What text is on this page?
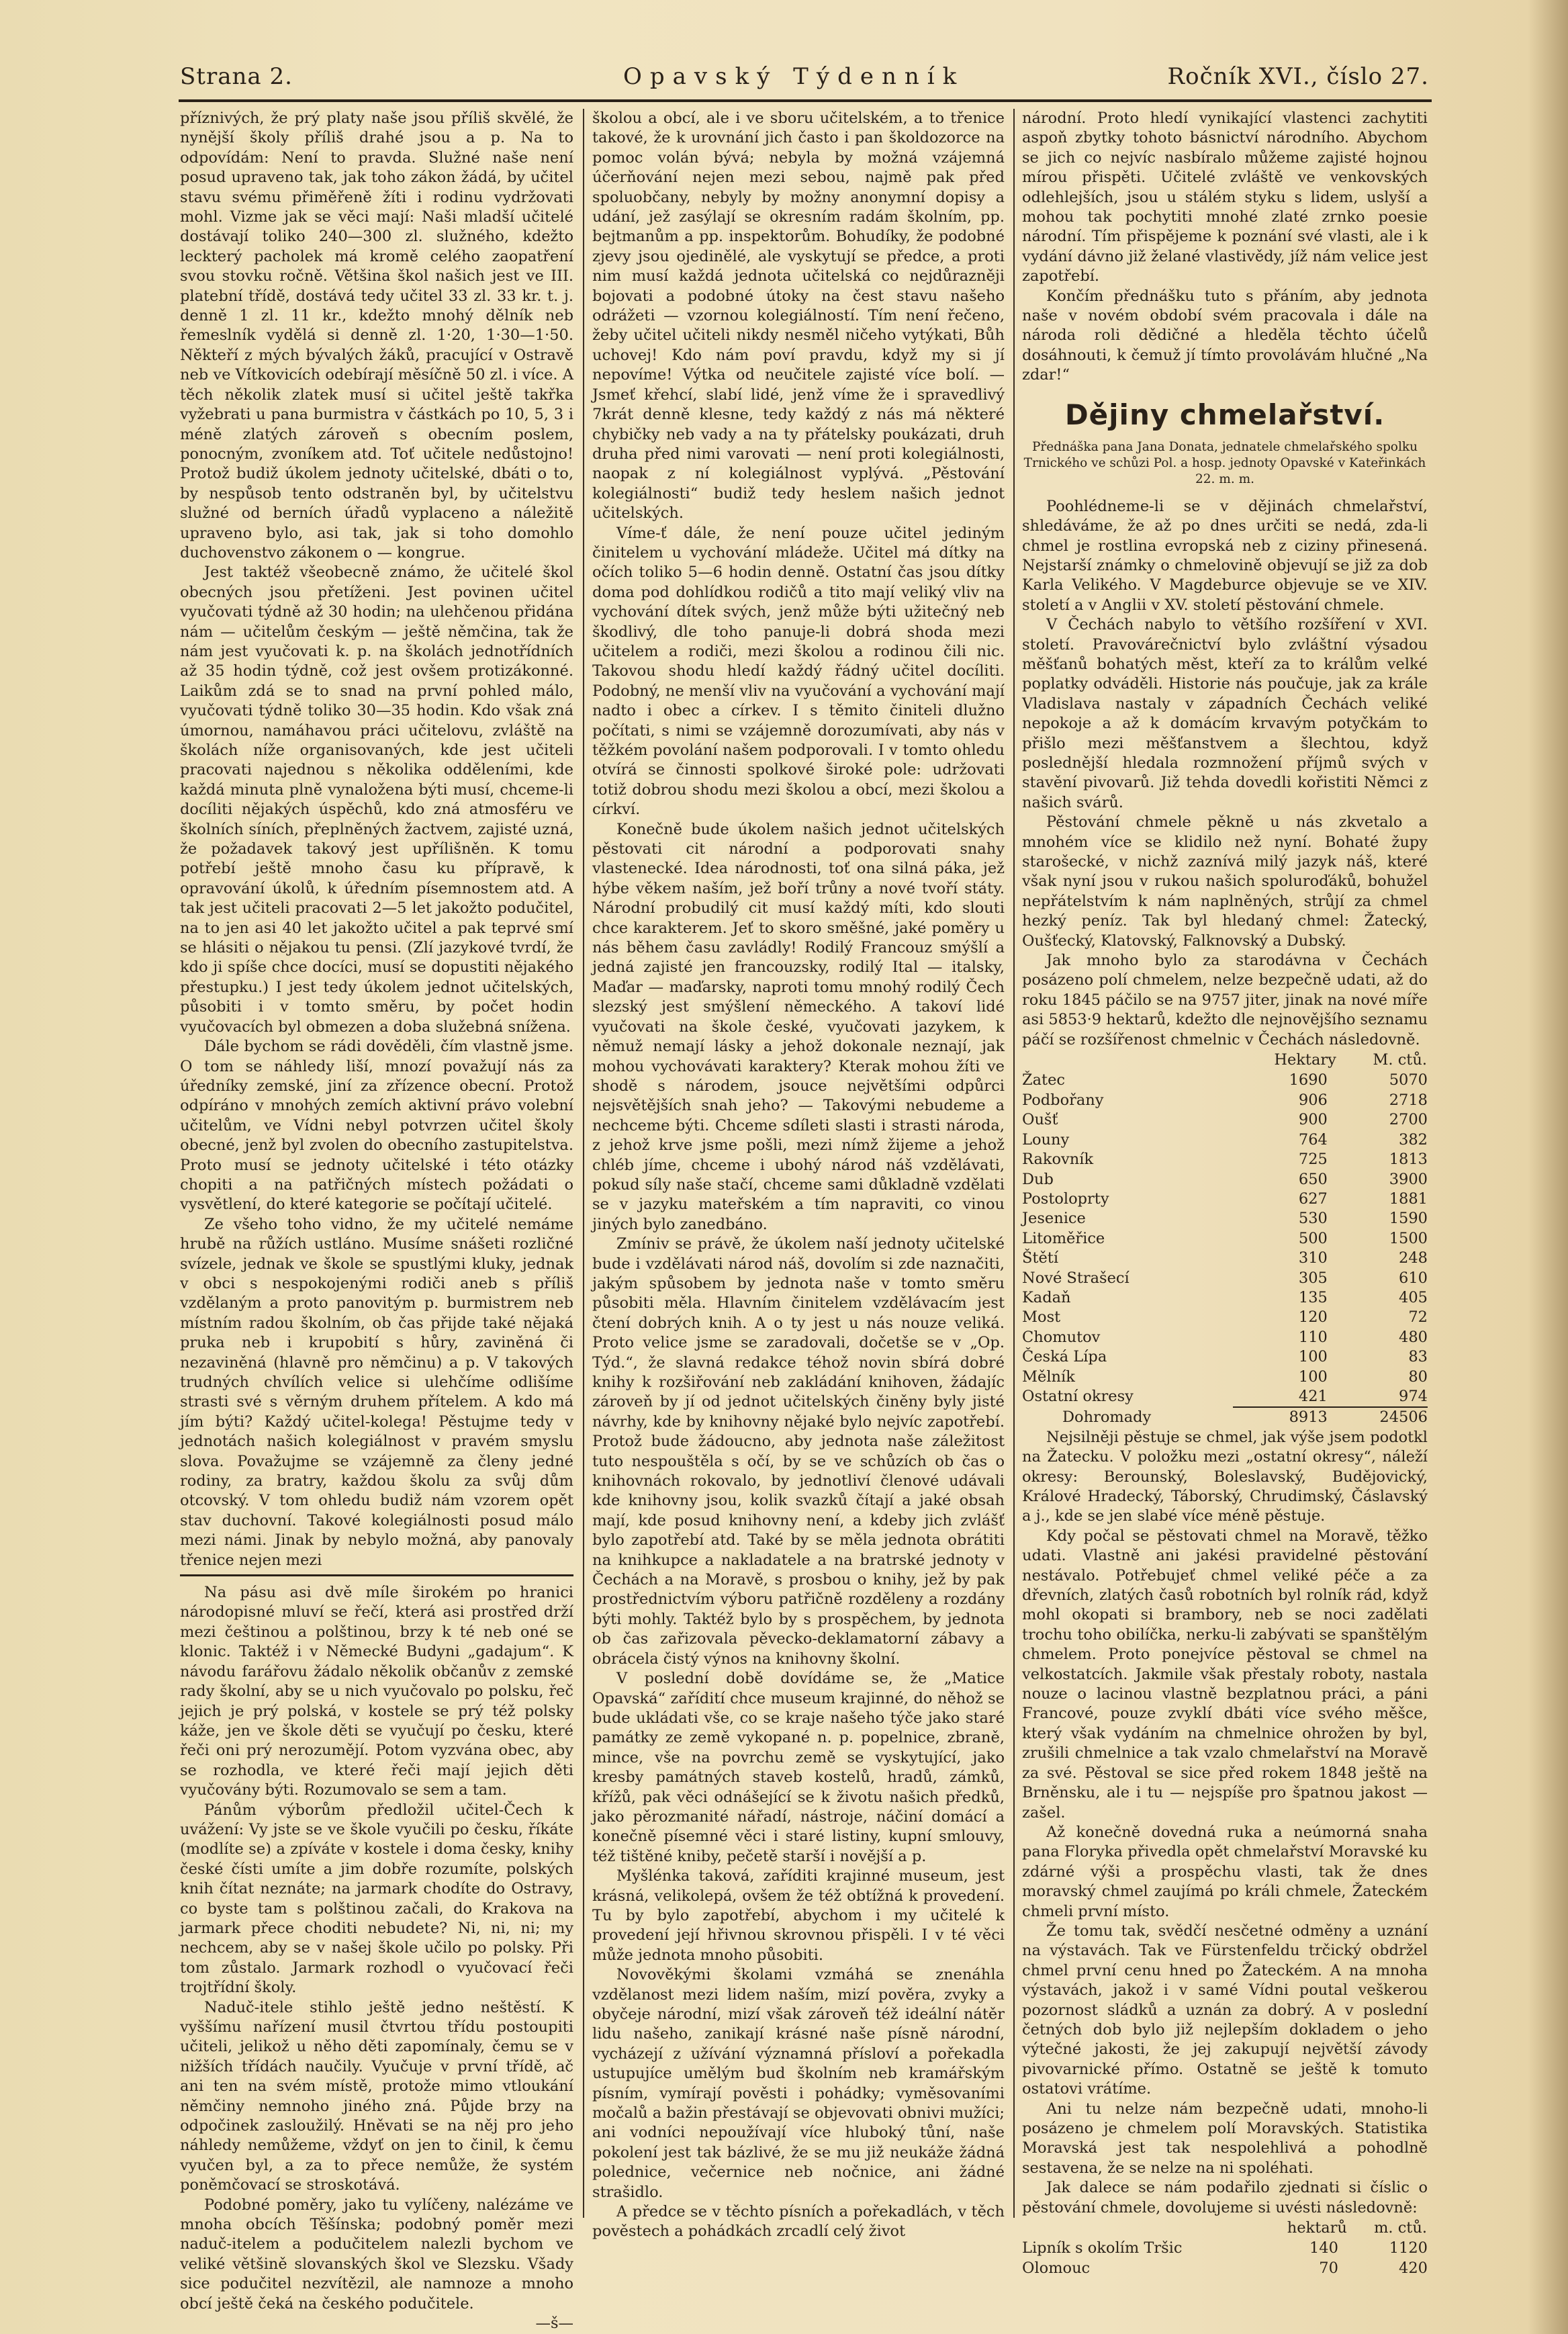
Strana 2.	Opavský Týdenník	Ročník XVI., číslo 27.

příznivých, že prý platy naše jsou příliš skvělé, že nynější školy příliš drahé jsou a p. Na to odpovídám: Není to pravda. Služné naše není posud upraveno tak, jak toho zákon žádá, by učitel stavu svému přiměřeně žíti i rodinu vydržovati mohl. Vizme jak se věci mají: Naši mladší učitelé dostávají toliko 240—300 zl. služného, kdežto leckterý pacholek má kromě celého zaopatření svou stovku ročně. Většina škol našich jest ve III. platební třídě, dostává tedy učitel 33 zl. 33 kr. t. j. denně 1 zl. 11 kr., kdežto mnohý dělník neb řemeslník vydělá si denně zl. 1·20, 1·30—1·50. Někteří z mých bývalých žáků, pracující v Ostravě neb ve Vítkovicích odebírají měsíčně 50 zl. i více. A těch několik zlatek musí si učitel ještě takřka vyžebrati u pana burmistra v částkách po 10, 5, 3 i méně zlatých zároveň s obecním poslem, ponocným, zvoníkem atd. Toť učitele nedůstojno! Protož budiž úkolem jednoty učitelské, dbáti o to, by nespůsob tento odstraněn byl, by učitelstvu služné od berních úřadů vyplaceno a náležitě upraveno bylo, asi tak, jak si toho domohlo duchovenstvo zákonem o — kongrue.

Jest taktéž všeobecně známo, že učitelé škol obecných jsou přetíženi. Jest povinen učitel vyučovati týdně až 30 hodin; na ulehčenou přidána nám — učitelům českým — ještě němčina, tak že nám jest vyučovati k. p. na školách jednotřídních až 35 hodin týdně, což jest ovšem protizákonné. Laikům zdá se to snad na první pohled málo, vyučovati týdně toliko 30—35 hodin. Kdo však zná úmornou, namáhavou práci učitelovu, zvláště na školách níže organisovaných, kde jest učiteli pracovati najednou s několika odděleními, kde každá minuta plně vynaložena býti musí, chceme-li docíliti nějakých úspěchů, kdo zná atmosféru ve školních síních, přeplněných žactvem, zajisté uzná, že požadavek takový jest upřílišněn. K tomu potřebí ještě mnoho času ku přípravě, k opravování úkolů, k úředním písemnostem atd. A tak jest učiteli pracovati 2—5 let jakožto podučitel, na to jen asi 40 let jakožto učitel a pak teprvé smí se hlásiti o nějakou tu pensi. (Zlí jazykové tvrdí, že kdo ji spíše chce docíci, musí se dopustiti nějakého přestupku.) I jest tedy úkolem jednot učitelských, působiti i v tomto směru, by počet hodin vyučovacích byl obmezen a doba služebná snížena.

Dále bychom se rádi dověděli, čím vlastně jsme. O tom se náhledy liší, mnozí považují nás za úředníky zemské, jiní za zřízence obecní. Protož odpíráno v mnohých zemích aktivní právo volební učitelům, ve Vídni nebyl potvrzen učitel školy obecné, jenž byl zvolen do obecního zastupitelstva. Proto musí se jednoty učitelské i této otázky chopiti a na patřičných místech požádati o vysvětlení, do které kategorie se počítají učitelé.

Ze všeho toho vidno, že my učitelé nemáme hrubě na růžích ustláno. Musíme snášeti rozličné svízele, jednak ve škole se spustlými kluky, jednak v obci s nespokojenými rodiči aneb s příliš vzdělaným a proto panovitým p. burmistrem neb místním radou školním, ob čas přijde také nějaká pruka neb i krupobití s hůry, zaviněná či nezaviněná (hlavně pro němčinu) a p. V takových trudných chvílích velice si ulehčíme odlišíme strasti své s věrným druhem přítelem. A kdo má jím býti? Každý učitel-kolega! Pěstujme tedy v jednotách našich kolegiálnost v pravém smyslu slova. Považujme se vzájemně za členy jedné rodiny, za bratry, každou školu za svůj dům otcovský. V tom ohledu budiž nám vzorem opět stav duchovní. Takové kolegiálnosti posud málo mezi námi. Jinak by nebylo možná, aby panovaly třenice nejen mezi

Na pásu asi dvě míle širokém po hranici národopisné mluví se řečí, která asi prostřed drží mezi češtinou a polštinou, brzy k té neb oné se klonic. Taktéž i v Německé Budyni „gadajum“. K návodu farářovu žádalo několik občanův z zemské rady školní, aby se u nich vyučovalo po polsku, řeč jejich je prý polská, v kostele se prý též polsky káže, jen ve škole děti se vyučují po česku, které řeči oni prý nerozumějí. Potom vyzvána obec, aby se rozhodla, ve které řeči mají jejich děti vyučovány býti. Rozumovalo se sem a tam.

Pánům výborům předložil učitel-Čech k uvážení: Vy jste se ve škole vyučili po česku, říkáte (modlíte se) a zpíváte v kostele i doma česky, knihy české čísti umíte a jim dobře rozumíte, polských knih čítat neznáte; na jarmark chodíte do Ostravy, co byste tam s polštinou začali, do Krakova na jarmark přece choditi nebudete? Ni, ni, ni; my nechcem, aby se v našej škole učilo po polsky. Při tom zůstalo. Jarmark rozhodl o vyučovací řeči trojtřídní školy.

Naduč-itele stihlo ještě jedno neštěstí. K vyššímu nařízení musil čtvrtou třídu postoupiti učiteli, jelikož u něho děti zapomínaly, čemu se v nižších třídách naučily. Vyučuje v první třídě, ač ani ten na svém místě, protože mimo vtloukání němčiny nemnoho jiného zná. Půjde brzy na odpočinek zasloužilý. Hněvati se na něj pro jeho náhledy nemůžeme, vždyť on jen to činil, k čemu vyučen byl, a za to přece nemůže, že systém poněmčovací se stroskotává.

Podobné poměry, jako tu vylíčeny, nalézáme ve mnoha obcích Těšínska; podobný poměr mezi naduč-itelem a podučitelem nalezli bychom ve veliké většině slovanských škol ve Slezsku. Všady sice podučitel nezvítězil, ale namnoze a mnoho obcí ještě čeká na českého podučitele.

—š—

školou a obcí, ale i ve sboru učitelském, a to třenice takové, že k urovnání jich často i pan školdozorce na pomoc volán bývá; nebyla by možná vzájemná účerňování nejen mezi sebou, najmě pak před spoluobčany, nebyly by možny anonymní dopisy a udání, jež zasýlají se okresním radám školním, pp. bejtmanům a pp. inspektorům. Bohudíky, že podobné zjevy jsou ojedinělé, ale vyskytují se předce, a proti nim musí každá jednota učitelská co nejdůrazněji bojovati a podobné útoky na čest stavu našeho odrážeti — vzornou kolegiálností. Tím není řečeno, žeby učitel učiteli nikdy nesměl ničeho vytýkati, Bůh uchovej! Kdo nám poví pravdu, když my si jí nepovíme! Výtka od neučitele zajisté více bolí. — Jsmeť křehcí, slabí lidé, jenž víme že i spravedlivý 7krát denně klesne, tedy každý z nás má některé chybičky neb vady a na ty přátelsky poukázati, druh druha před nimi varovati — není proti kolegiálnosti, naopak z ní kolegiálnost vyplývá. „Pěstování kolegiálnosti“ budiž tedy heslem našich jednot učitelských.

Víme-ť dále, že není pouze učitel jediným činitelem u vychování mládeže. Učitel má dítky na očích toliko 5—6 hodin denně. Ostatní čas jsou dítky doma pod dohlídkou rodičů a tito mají veliký vliv na vychování dítek svých, jenž může býti užitečný neb škodlivý, dle toho panuje-li dobrá shoda mezi učitelem a rodiči, mezi školou a rodinou čili nic. Takovou shodu hledí každý řádný učitel docíliti. Podobný, ne menší vliv na vyučování a vychování mají nadto i obec a církev. I s těmito činiteli dlužno počítati, s nimi se vzájemně dorozumívati, aby nás v těžkém povolání našem podporovali. I v tomto ohledu otvírá se činnosti spolkové široké pole: udržovati totiž dobrou shodu mezi školou a obcí, mezi školou a církví.

Konečně bude úkolem našich jednot učitelských pěstovati cit národní a podporovati snahy vlastenecké. Idea národnosti, toť ona silná páka, jež hýbe věkem naším, jež boří trůny a nové tvoří státy. Národní probudilý cit musí každý míti, kdo slouti chce karakterem. Jeť to skoro směšné, jaké poměry u nás během času zavládly! Rodilý Francouz smýšlí a jedná zajisté jen francouzsky, rodilý Ital — italsky, Maďar — maďarsky, naproti tomu mnohý rodilý Čech slezský jest smýšlení německého. A takoví lidé vyučovati na škole české, vyučovati jazykem, k němuž nemají lásky a jehož dokonale neznají, jak mohou vychovávati karaktery? Kterak mohou žíti ve shodě s národem, jsouce největšími odpůrci nejsvětějších snah jeho? — Takovými nebudeme a nechceme býti. Chceme sdíleti slasti i strasti národa, z jehož krve jsme pošli, mezi nímž žijeme a jehož chléb jíme, chceme i ubohý národ náš vzdělávati, pokud síly naše stačí, chceme sami důkladně vzdělati se v jazyku mateřském a tím napraviti, co vinou jiných bylo zanedbáno.

Zmíniv se právě, že úkolem naší jednoty učitelské bude i vzdělávati národ náš, dovolím si zde naznačiti, jakým spůsobem by jednota naše v tomto směru působiti měla. Hlavním činitelem vzdělávacím jest čtení dobrých knih. A o ty jest u nás nouze veliká. Proto velice jsme se zaradovali, dočetše se v „Op. Týd.“, že slavná redakce téhož novin sbírá dobré knihy k rozšiřování neb zakládání knihoven, žádajíc zároveň by jí od jednot učitelských činěny byly jisté návrhy, kde by knihovny nějaké bylo nejvíc zapotřebí. Protož bude žádoucno, aby jednota naše záležitost tuto nespouštěla s očí, by se ve schůzích ob čas o knihovnách rokovalo, by jednotliví členové udávali kde knihovny jsou, kolik svazků čítají a jaké obsah mají, kde posud knihovny není, a kdeby jich zvlášť bylo zapotřebí atd. Také by se měla jednota obrátiti na knihkupce a nakladatele a na bratrské jednoty v Čechách a na Moravě, s prosbou o knihy, jež by pak prostřednictvím výboru patřičně rozděleny a rozdány býti mohly. Taktéž bylo by s prospěchem, by jednota ob čas zařizovala pěvecko-deklamatorní zábavy a obrácela čistý výnos na knihovny školní.

V poslední době dovídáme se, že „Matice Opavská“ zařídití chce museum krajinné, do něhož se bude ukládati vše, co se kraje našeho týče jako staré památky ze země vykopané n. p. popelnice, zbraně, mince, vše na povrchu země se vyskytující, jako kresby památných staveb kostelů, hradů, zámků, křížů, pak věci odnášející se k životu našich předků, jako pěrozmanité nářadí, nástroje, náčiní domácí a konečně písemné věci i staré listiny, kupní smlouvy, též tištěné kniby, pečetě starší i novější a p.

Myšlénka taková, zaříditi krajinné museum, jest krásná, velikolepá, ovšem že též obtížná k provedení. Tu by bylo zapotřebí, abychom i my učitelé k provedení její hřivnou skrovnou přispěli. I v té věci může jednota mnoho působiti.

Novověkými školami vzmáhá se znenáhla vzdělanost mezi lidem naším, mizí pověra, zvyky a obyčeje národní, mizí však zároveň též ideální nátěr lidu našeho, zanikají krásné naše písně národní, vycházejí z užívání významná přísloví a pořekadla ustupujíce umělým bud školním neb kramářským písním, vymírají pověsti i pohádky; vyměsovaními močalů a bažin přestávají se objevovati obnivi mužíci; ani vodníci nepoužívají více hluboký tůní, naše pokolení jest tak bázlivé, že se mu již neukáže žádná polednice, večernice neb nočnice, ani žádné strašidlo.

A předce se v těchto písních a pořekadlách, v těch pověstech a pohádkách zrcadlí celý život

národní. Proto hledí vynikající vlastenci zachytiti aspoň zbytky tohoto básnictví národního. Abychom se jich co nejvíc nasbíralo můžeme zajisté hojnou mírou přispěti. Učitelé zvláště ve venkovských odlehlejších, jsou u stálém styku s lidem, uslyší a mohou tak pochytiti mnohé zlaté zrnko poesie národní. Tím přispějeme k poznání své vlasti, ale i k vydání dávno již želané vlastivědy, jíž nám velice jest zapotřebí.

Končím přednášku tuto s přáním, aby jednota naše v novém období svém pracovala i dále na národa roli dědičné a hleděla těchto účelů dosáhnouti, k čemuž jí tímto provolávám hlučné „Na zdar!“

Dějiny chmelařství.
Přednáška pana Jana Donata, jednatele chmelařského spolku Trnického ve schůzi Pol. a hosp. jednoty Opavské v Kateřinkách 22. m. m.

Poohlédneme-li se v dějinách chmelařství, shledáváme, že až po dnes určiti se nedá, zda-li chmel je rostlina evropská neb z ciziny přinesená. Nejstarší známky o chmelovině objevují se již za dob Karla Velikého. V Magdeburce objevuje se ve XIV. století a v Anglii v XV. století pěstování chmele.

V Čechách nabylo to většího rozšíření v XVI. století. Pravovárečnictví bylo zvláštní výsadou měšťanů bohatých měst, kteří za to králům velké poplatky odváděli. Historie nás poučuje, jak za krále Vladislava nastaly v západních Čechách veliké nepokoje a až k domácím krvavým potyčkám to přišlo mezi měšťanstvem a šlechtou, když poslednější hledala rozmnožení příjmů svých v stavění pivovarů. Již tehda dovedli kořistiti Němci z našich svárů.

Pěstování chmele pěkně u nás zkvetalo a mnohém více se klidilo než nyní. Bohaté župy starošecké, v nichž zaznívá milý jazyk náš, které však nyní jsou v rukou našich spoluroďáků, bohužel nepřátelstvím k nám naplněných, strůjí za chmel hezký peníz. Tak byl hledaný chmel: Žatecký, Oušťecký, Klatovský, Falknovský a Dubský.

Jak mnoho bylo za starodávna v Čechách posázeno polí chmelem, nelze bezpečně udati, až do roku 1845 páčilo se na 9757 jiter, jinak na nové míře asi 5853·9 hektarů, kdežto dle nejnovějšího seznamu páčí se rozšířenost chmelnic v Čechách následovně.

	Hektary	M. ctů.
Žatec	1690	5070
Podbořany	906	2718
Oušť	900	2700
Louny	764	382
Rakovník	725	1813
Dub	650	3900
Postoloprty	627	1881
Jesenice	530	1590
Litoměřice	500	1500
Štětí	310	248
Nové Strašecí	305	610
Kadaň	135	405
Most	120	72
Chomutov	110	480
Česká Lípa	100	83
Mělník	100	80
Ostatní okresy	421	974
Dohromady	8913	24506

Nejsilněji pěstuje se chmel, jak výše jsem podotkl na Žatecku. V položku mezi „ostatní okresy“, náleží okresy: Berounský, Boleslavský, Budějovický, Králové Hradecký, Táborský, Chrudimský, Čáslavský a j., kde se jen slabé více méně pěstuje.

Kdy počal se pěstovati chmel na Moravě, těžko udati. Vlastně ani jakési pravidelné pěstování nestávalo. Potřebujeť chmel veliké péče a za dřevních, zlatých časů robotních byl rolník rád, když mohl okopati si brambory, neb se noci zadělati trochu toho obilíčka, nerku-li zabývati se spanštělým chmelem. Proto ponejvíce pěstoval se chmel na velkostatcích. Jakmile však přestaly roboty, nastala nouze o lacinou vlastně bezplatnou práci, a páni Francové, pouze zvyklí dbáti více svého měšce, který však vydáním na chmelnice ohrožen by byl, zrušili chmelnice a tak vzalo chmelařství na Moravě za své. Pěstoval se sice před rokem 1848 ještě na Brněnsku, ale i tu — nejspíše pro špatnou jakost — zašel.

Až konečně dovedná ruka a neúmorná snaha pana Floryka přivedla opět chmelařství Moravské ku zdárné výši a prospěchu vlasti, tak že dnes moravský chmel zaujímá po králi chmele, Žateckém chmeli první místo.

Že tomu tak, svědčí nesčetné odměny a uznání na výstavách. Tak ve Fürstenfeldu trčický obdržel chmel první cenu hned po Žateckém. A na mnoha výstavách, jakož i v samé Vídni poutal veškerou pozornost sládků a uznán za dobrý. A v poslední četných dob bylo již nejlepším dokladem o jeho výtečné jakosti, že jej zakupují největší závody pivovarnické přímo. Ostatně se ještě k tomuto ostatovi vrátíme.

Ani tu nelze nám bezpečně udati, mnoho-li posázeno je chmelem polí Moravských. Statistika Moravská jest tak nespolehlivá a pohodlně sestavena, že se nelze na ni spoléhati.

Jak dalece se nám podařilo zjednati si číslic o pěstování chmele, dovolujeme si uvésti následovně:

	hektarů	m. ctů.
Lipník s okolím Tršic	140	1120
Olomouc	70	420
